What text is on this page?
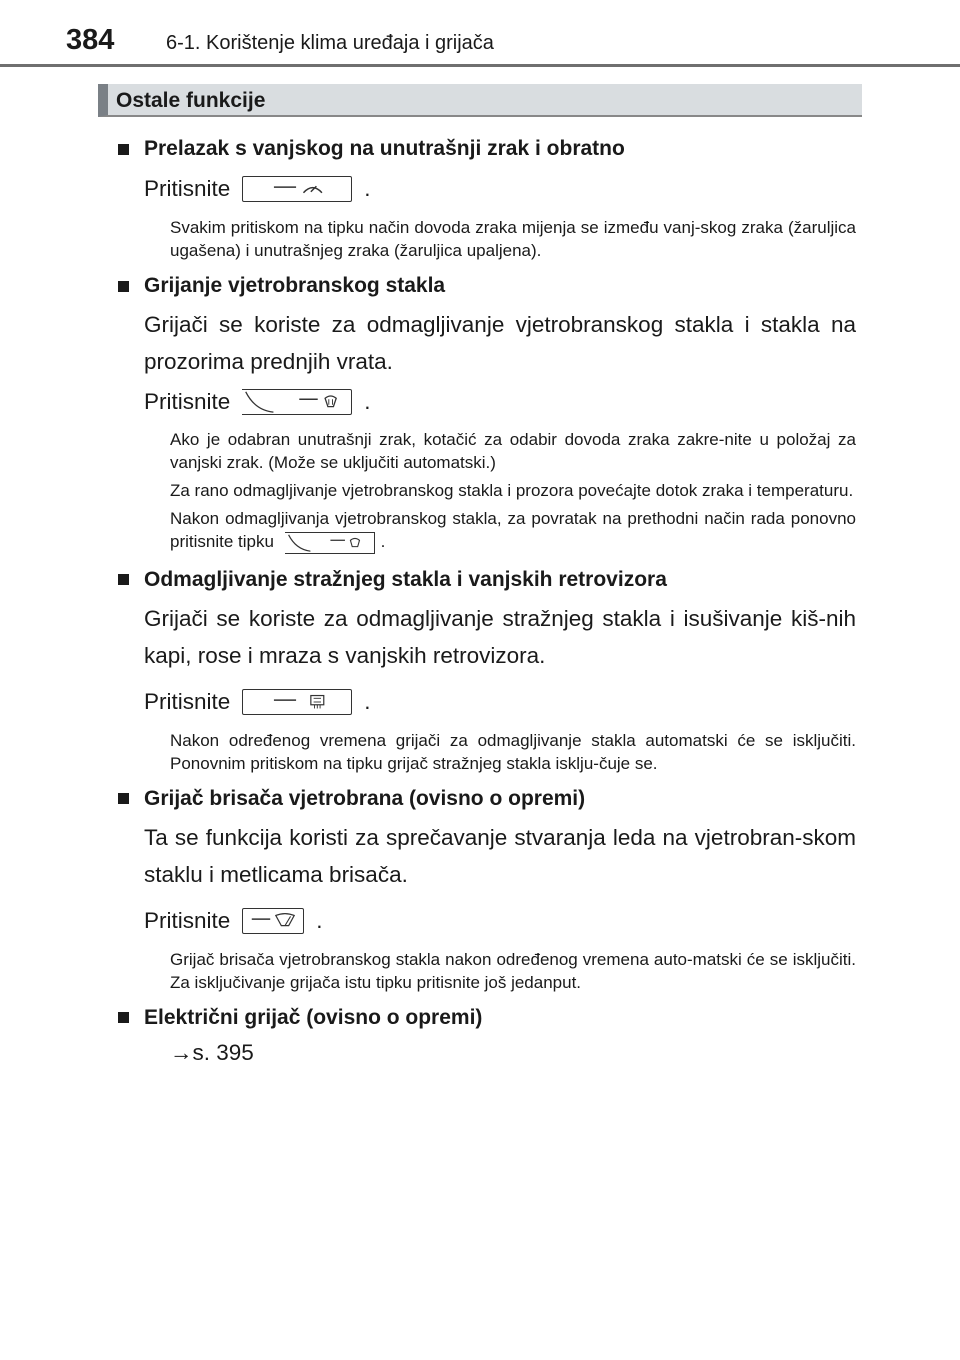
384	6-1. Korištenje klima uređaja i grijača
Ostale funkcije
Prelazak s vanjskog na unutrašnji zrak i obratno
Pritisnite	.
Svakim pritiskom na tipku način dovoda zraka mijenja se između vanj-skog zraka (žaruljica ugašena) i unutrašnjeg zraka (žaruljica upaljena).
Grijanje vjetrobranskog stakla
Grijači se koriste za odmagljivanje vjetrobranskog stakla i stakla na prozorima prednjih vrata.
Pritisnite	.
Ako je odabran unutrašnji zrak, kotačić za odabir dovoda zraka zakre-nite u položaj za vanjski zrak. (Može se uključiti automatski.)
Za rano odmagljivanje vjetrobranskog stakla i prozora povećajte dotok zraka i temperaturu.
Nakon odmagljivanja vjetrobranskog stakla, za povratak na prethodni način rada ponovno pritisnite tipku	.
Odmagljivanje stražnjeg stakla i vanjskih retrovizora
Grijači se koriste za odmagljivanje stražnjeg stakla i isušivanje kiš-nih kapi, rose i mraza s vanjskih retrovizora.
Pritisnite	.
Nakon određenog vremena grijači za odmagljivanje stakla automatski će se isključiti. Ponovnim pritiskom na tipku grijač stražnjeg stakla isklju-čuje se.
Grijač brisača vjetrobrana (ovisno o opremi)
Ta se funkcija koristi za sprečavanje stvaranja leda na vjetrobran-skom staklu i metlicama brisača.
Pritisnite	.
Grijač brisača vjetrobranskog stakla nakon određenog vremena auto-matski će se isključiti. Za isključivanje grijača istu tipku pritisnite još jedanput.
Električni grijač (ovisno o opremi)
→s. 395
